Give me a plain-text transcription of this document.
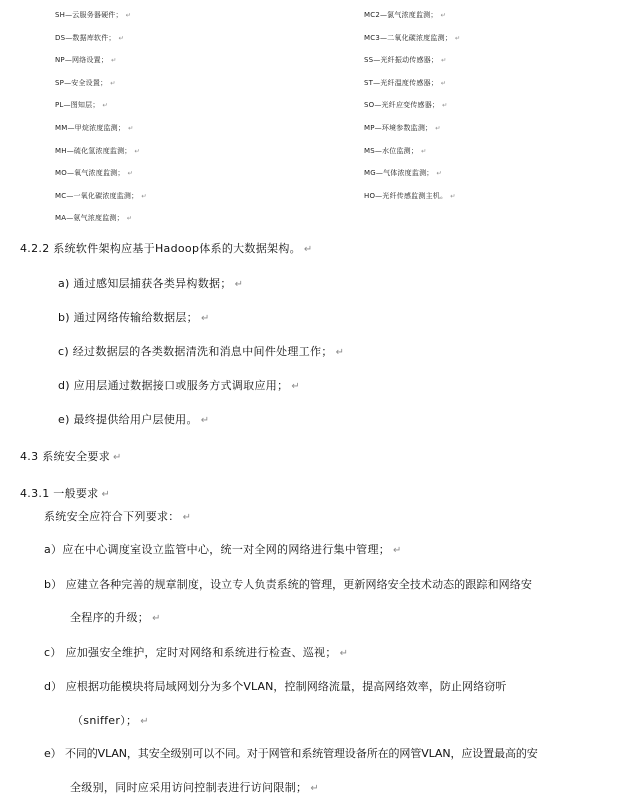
SH—云服务器硬件； ↵
DS—数据库软件； ↵
NP—网络设置； ↵
SP—安全设置； ↵
PL—图知层； ↵
MM—甲烷浓度监测； ↵
MH—硫化氢浓度监测； ↵
MO—氧气浓度监测； ↵
MC—一氧化碳浓度监测； ↵
MA—氨气浓度监测； ↵
MC2—氯气浓度监测； ↵
MC3—二氧化碳浓度监测； ↵
SS—光纤振动传感器； ↵
ST—光纤温度传感器； ↵
SO—光纤应变传感器； ↵
MP—环境参数监测； ↵
MS—水位监测； ↵
MG—气体浓度监测； ↵
HO—光纤传感监测主机。 ↵
4.2.2 系统软件架构应基于Hadoop体系的大数据架构。 ↵
a) 通过感知层捕获各类异构数据； ↵
b) 通过网络传输给数据层； ↵
c) 经过数据层的各类数据清洗和消息中间件处理工作； ↵
d) 应用层通过数据接口或服务方式调取应用； ↵
e) 最终提供给用户层使用。 ↵
4.3 系统安全要求 ↵
4.3.1 一般要求 ↵
系统安全应符合下列要求： ↵
a）应在中心调度室设立监管中心，统一对全网的网络进行集中管理； ↵
b） 应建立各种完善的规章制度，设立专人负责系统的管理，更新网络安全技术动态的跟踪和网络安
全程序的升级； ↵
c） 应加强安全维护，定时对网络和系统进行检查、巡视； ↵
d） 应根据功能模块将局域网划分为多个VLAN，控制网络流量，提高网络效率，防止网络窃听
（sniffer）； ↵
e） 不同的VLAN，其安全级别可以不同。对于网管和系统管理设备所在的网管VLAN，应设置最高的安
全级别，同时应采用访问控制表进行访问限制； ↵
